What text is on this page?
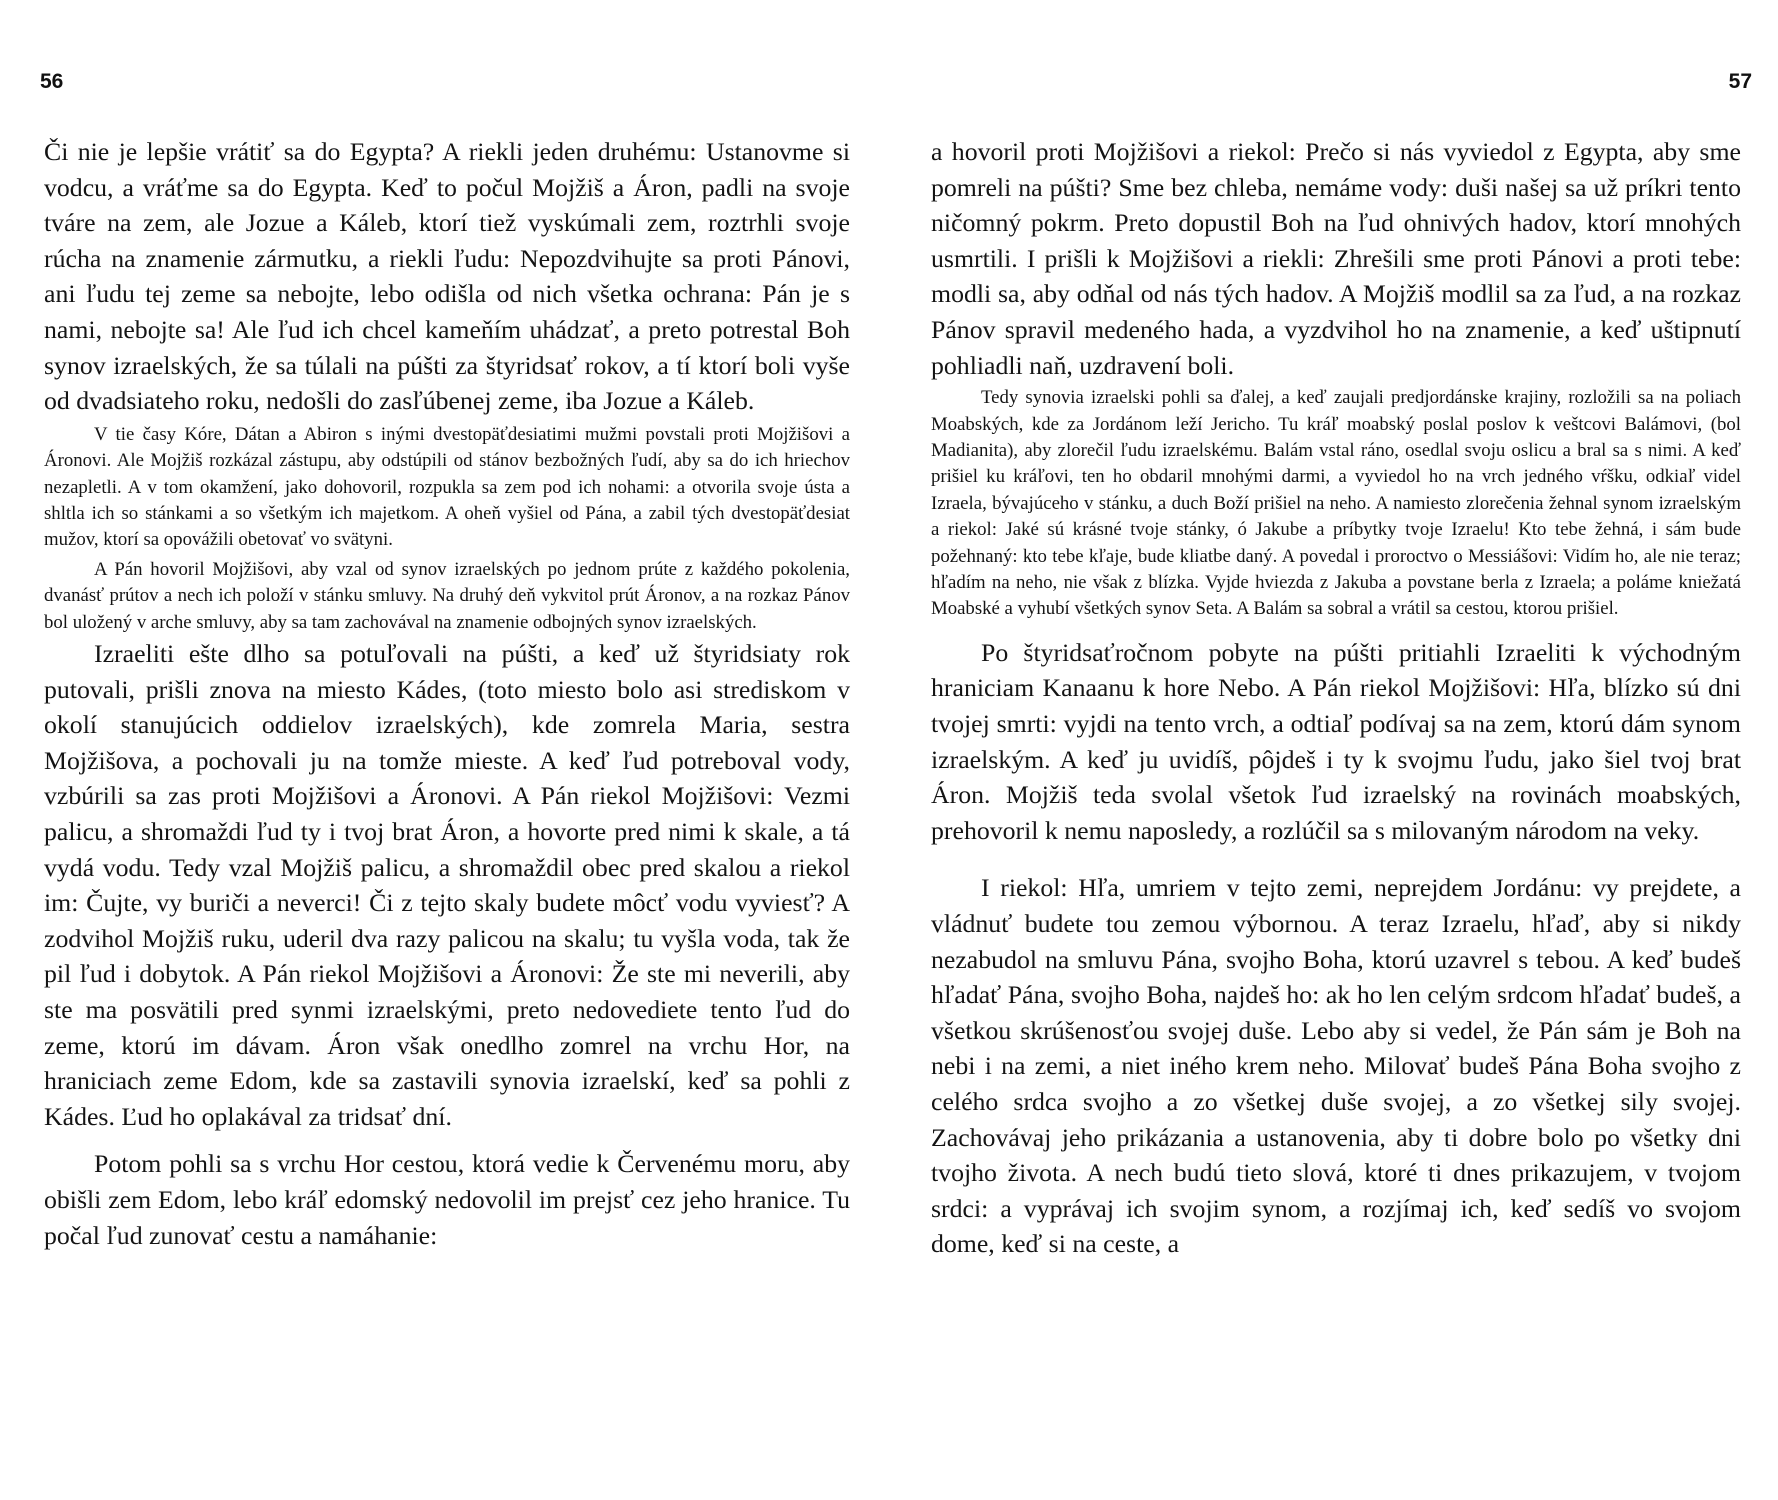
56

Či nie je lepšie vrátiť sa do Egypta? A riekli jeden druhému: Ustanovme si vodcu, a vráťme sa do Egypta. Keď to počul Mojžiš a Áron, padli na svoje tváre na zem, ale Jozue a Káleb, ktorí tiež vyskúmali zem, roztrhli svoje rúcha na znamenie zármutku, a riekli ľudu: Nepozdvihujte sa proti Pánovi, ani ľudu tej zeme sa nebojte, lebo odišla od nich všetka ochrana: Pán je s nami, nebojte sa! Ale ľud ich chcel kameňím uhádzať, a preto potrestal Boh synov izraelských, že sa túlali na púšti za štyridsať rokov, a tí ktorí boli vyše od dvadsiateho roku, nedošli do zasľúbenej zeme, iba Jozue a Káleb.

V tie časy Kóre, Dátan a Abiron s inými dvestopäťdesiatimi mužmi povstali proti Mojžišovi a Áronovi. Ale Mojžiš rozkázal zástupu, aby odstúpili od stánov bezbožných ľudí, aby sa do ich hriechov nezapletli. A v tom okamžení, jako dohovoril, rozpukla sa zem pod ich nohami: a otvorila svoje ústa a shltla ich so stánkami a so všetkým ich majetkom. A oheň vyšiel od Pána, a zabil tých dvestopäťdesiat mužov, ktorí sa opovážili obetovať vo svätyni.

A Pán hovoril Mojžišovi, aby vzal od synov izraelských po jednom prúte z každého pokolenia, dvanásť prútov a nech ich položí v stánku smluvy. Na druhý deň vykvitol prút Áronov, a na rozkaz Pánov bol uložený v arche smluvy, aby sa tam zachovával na znamenie odbojných synov izraelských.

Izraeliti ešte dlho sa potuľovali na púšti, a keď už štyridsiaty rok putovali, prišli znova na miesto Kádes, (toto miesto bolo asi strediskom v okolí stanujúcich oddielov izraelských), kde zomrela Maria, sestra Mojžišova, a pochovali ju na tomže mieste. A keď ľud potreboval vody, vzbúrili sa zas proti Mojžišovi a Áronovi. A Pán riekol Mojžišovi: Vezmi palicu, a shromaždi ľud ty i tvoj brat Áron, a hovorte pred nimi k skale, a tá vydá vodu. Tedy vzal Mojžiš palicu, a shromaždil obec pred skalou a riekol im: Čujte, vy buriči a neverci! Či z tejto skaly budete môcť vodu vyviesť? A zodvihol Mojžiš ruku, uderil dva razy palicou na skalu; tu vyšla voda, tak že pil ľud i dobytok. A Pán riekol Mojžišovi a Áronovi: Že ste mi neverili, aby ste ma posvätili pred synmi izraelskými, preto nedovediete tento ľud do zeme, ktorú im dávam. Áron však onedlho zomrel na vrchu Hor, na hraniciach zeme Edom, kde sa zastavili synovia izraelskí, keď sa pohli z Kádes. Ľud ho oplakával za tridsať dní.

Potom pohli sa s vrchu Hor cestou, ktorá vedie k Červenému moru, aby obišli zem Edom, lebo kráľ edomský nedovolil im prejsť cez jeho hranice. Tu počal ľud zunovať cestu a namáhanie:

57

a hovoril proti Mojžišovi a riekol: Prečo si nás vyviedol z Egypta, aby sme pomreli na púšti? Sme bez chleba, nemáme vody: duši našej sa už príkri tento ničomný pokrm. Preto dopustil Boh na ľud ohnivých hadov, ktorí mnohých usmrtili. I prišli k Mojžišovi a riekli: Zhrešili sme proti Pánovi a proti tebe: modli sa, aby odňal od nás tých hadov. A Mojžiš modlil sa za ľud, a na rozkaz Pánov spravil medeného hada, a vyzdvihol ho na znamenie, a keď uštipnutí pohliadli naň, uzdravení boli.

Tedy synovia izraelski pohli sa ďalej, a keď zaujali predjordánske krajiny, rozložili sa na poliach Moabských, kde za Jordánom leží Jericho. Tu kráľ moabský poslal poslov k veštcovi Balámovi, (bol Madianita), aby zlorečil ľudu izraelskému. Balám vstal ráno, osedlal svoju oslicu a bral sa s nimi. A keď prišiel ku kráľovi, ten ho obdaril mnohými darmi, a vyviedol ho na vrch jedného vŕšku, odkiaľ videl Izraela, bývajúceho v stánku, a duch Boží prišiel na neho. A namiesto zlorečenia žehnal synom izraelským a riekol: Jaké sú krásné tvoje stánky, ó Jakube a príbytky tvoje Izraelu! Kto tebe žehná, i sám bude požehnaný: kto tebe kľaje, bude kliatbe daný. A povedal i proroctvo o Messiášovi: Vidím ho, ale nie teraz; hľadím na neho, nie však z blízka. Vyjde hviezda z Jakuba a povstane berla z Izraela; a poláme kniežatá Moabské a vyhubí všetkých synov Seta. A Balám sa sobral a vrátil sa cestou, ktorou prišiel.

Po štyridsaťročnom pobyte na púšti pritiahli Izraeliti k východným hraniciam Kanaanu k hore Nebo. A Pán riekol Mojžišovi: Hľa, blízko sú dni tvojej smrti: vyjdi na tento vrch, a odtiaľ podívaj sa na zem, ktorú dám synom izraelským. A keď ju uvidíš, pôjdeš i ty k svojmu ľudu, jako šiel tvoj brat Áron. Mojžiš teda svolal všetok ľud izraelský na rovinách moabských, prehovoril k nemu naposledy, a rozlúčil sa s milovaným národom na veky.

I riekol: Hľa, umriem v tejto zemi, neprejdem Jordánu: vy prejdete, a vládnuť budete tou zemou výbornou. A teraz Izraelu, hľaď, aby si nikdy nezabudol na smluvu Pána, svojho Boha, ktorú uzavrel s tebou. A keď budeš hľadať Pána, svojho Boha, najdeš ho: ak ho len celým srdcom hľadať budeš, a všetkou skrúšenosťou svojej duše. Lebo aby si vedel, že Pán sám je Boh na nebi i na zemi, a niet iného krem neho. Milovať budeš Pána Boha svojho z celého srdca svojho a zo všetkej duše svojej, a zo všetkej sily svojej. Zachovávaj jeho prikázania a ustanovenia, aby ti dobre bolo po všetky dni tvojho života. A nech budú tieto slová, ktoré ti dnes prikazujem, v tvojom srdci: a vyprávaj ich svojim synom, a rozjímaj ich, keď sedíš vo svojom dome, keď si na ceste, a
